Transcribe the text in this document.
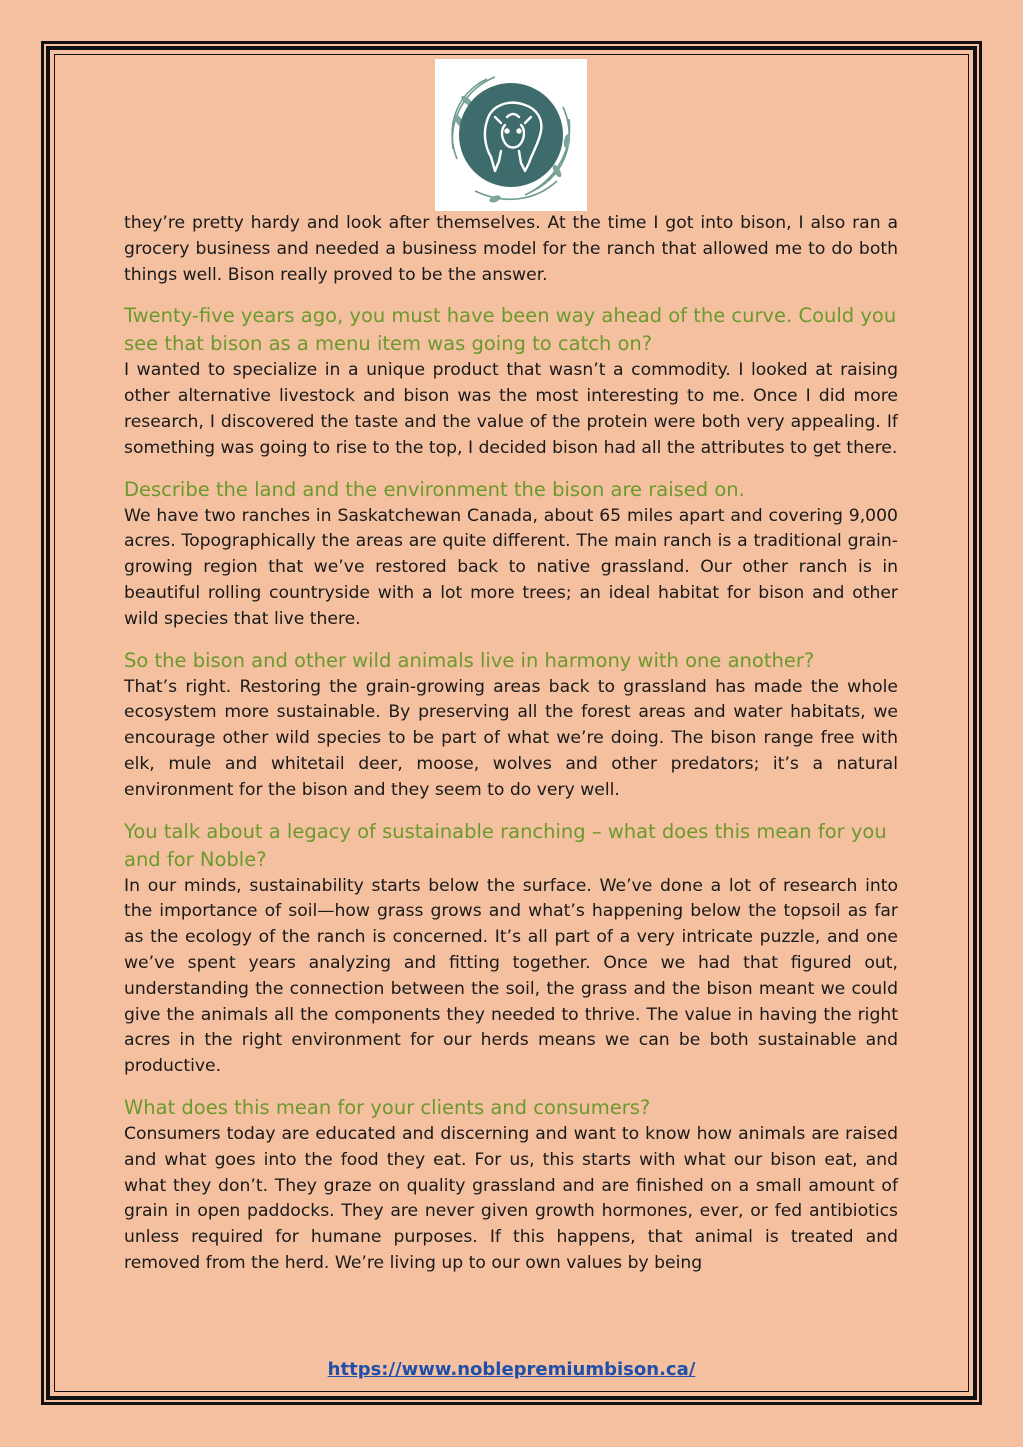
they’re pretty hardy and look after themselves. At the time I got into bison, I also ran a grocery business and needed a business model for the ranch that allowed me to do both things well. Bison really proved to be the answer.

Twenty-five years ago, you must have been way ahead of the curve. Could you see that bison as a menu item was going to catch on?

I wanted to specialize in a unique product that wasn’t a commodity. I looked at raising other alternative livestock and bison was the most interesting to me. Once I did more research, I discovered the taste and the value of the protein were both very appealing. If something was going to rise to the top, I decided bison had all the attributes to get there.

Describe the land and the environment the bison are raised on.

We have two ranches in Saskatchewan Canada, about 65 miles apart and covering 9,000 acres. Topographically the areas are quite different. The main ranch is a traditional grain-growing region that we’ve restored back to native grassland. Our other ranch is in beautiful rolling countryside with a lot more trees; an ideal habitat for bison and other wild species that live there.

So the bison and other wild animals live in harmony with one another?

That’s right. Restoring the grain-growing areas back to grassland has made the whole ecosystem more sustainable. By preserving all the forest areas and water habitats, we encourage other wild species to be part of what we’re doing. The bison range free with elk, mule and whitetail deer, moose, wolves and other predators; it’s a natural environment for the bison and they seem to do very well.

You talk about a legacy of sustainable ranching – what does this mean for you and for Noble?

In our minds, sustainability starts below the surface. We’ve done a lot of research into the importance of soil—how grass grows and what’s happening below the topsoil as far as the ecology of the ranch is concerned. It’s all part of a very intricate puzzle, and one we’ve spent years analyzing and fitting together. Once we had that figured out, understanding the connection between the soil, the grass and the bison meant we could give the animals all the components they needed to thrive. The value in having the right acres in the right environment for our herds means we can be both sustainable and productive.

What does this mean for your clients and consumers?

Consumers today are educated and discerning and want to know how animals are raised and what goes into the food they eat. For us, this starts with what our bison eat, and what they don’t. They graze on quality grassland and are finished on a small amount of grain in open paddocks. They are never given growth hormones, ever, or fed antibiotics unless required for humane purposes. If this happens, that animal is treated and removed from the herd. We’re living up to our own values by being

https://www.noblepremiumbison.ca/
